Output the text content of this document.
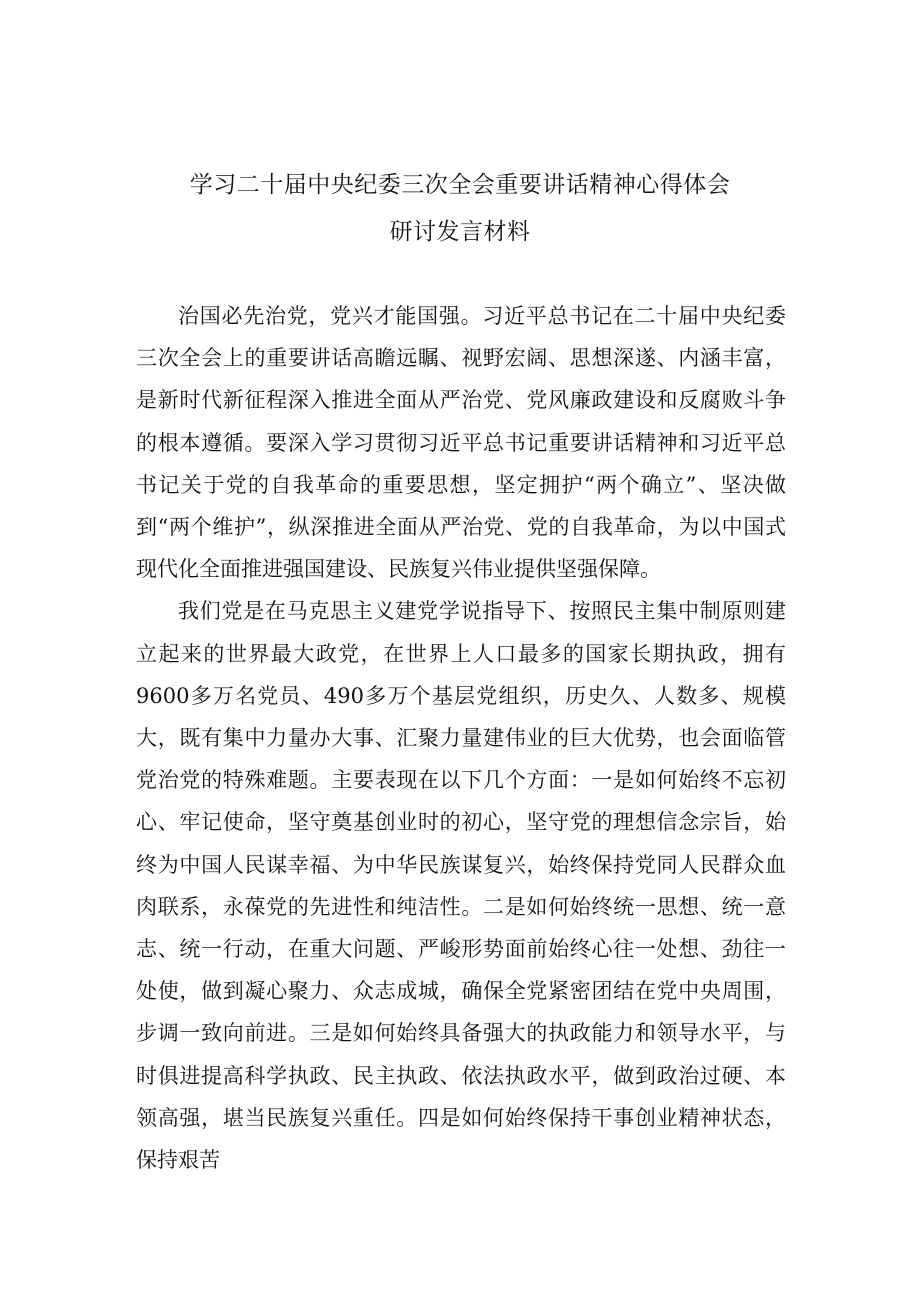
学习二十届中央纪委三次全会重要讲话精神心得体会
研讨发言材料

治国必先治党，党兴才能国强。习近平总书记在二十届中央纪委三次全会上的重要讲话高瞻远瞩、视野宏阔、思想深遂、内涵丰富，是新时代新征程深入推进全面从严治党、党风廉政建设和反腐败斗争的根本遵循。要深入学习贯彻习近平总书记重要讲话精神和习近平总书记关于党的自我革命的重要思想，坚定拥护“两个确立”、坚决做到“两个维护”，纵深推进全面从严治党、党的自我革命，为以中国式现代化全面推进强国建设、民族复兴伟业提供坚强保障。

我们党是在马克思主义建党学说指导下、按照民主集中制原则建立起来的世界最大政党，在世界上人口最多的国家长期执政，拥有9600多万名党员、490多万个基层党组织，历史久、人数多、规模大，既有集中力量办大事、汇聚力量建伟业的巨大优势，也会面临管党治党的特殊难题。主要表现在以下几个方面：一是如何始终不忘初心、牢记使命，坚守奠基创业时的初心，坚守党的理想信念宗旨，始终为中国人民谋幸福、为中华民族谋复兴，始终保持党同人民群众血肉联系，永葆党的先进性和纯洁性。二是如何始终统一思想、统一意志、统一行动，在重大问题、严峻形势面前始终心往一处想、劲往一处使，做到凝心聚力、众志成城，确保全党紧密团结在党中央周围，步调一致向前进。三是如何始终具备强大的执政能力和领导水平，与时俱进提高科学执政、民主执政、依法执政水平，做到政治过硬、本领高强，堪当民族复兴重任。四是如何始终保持干事创业精神状态，保持艰苦
